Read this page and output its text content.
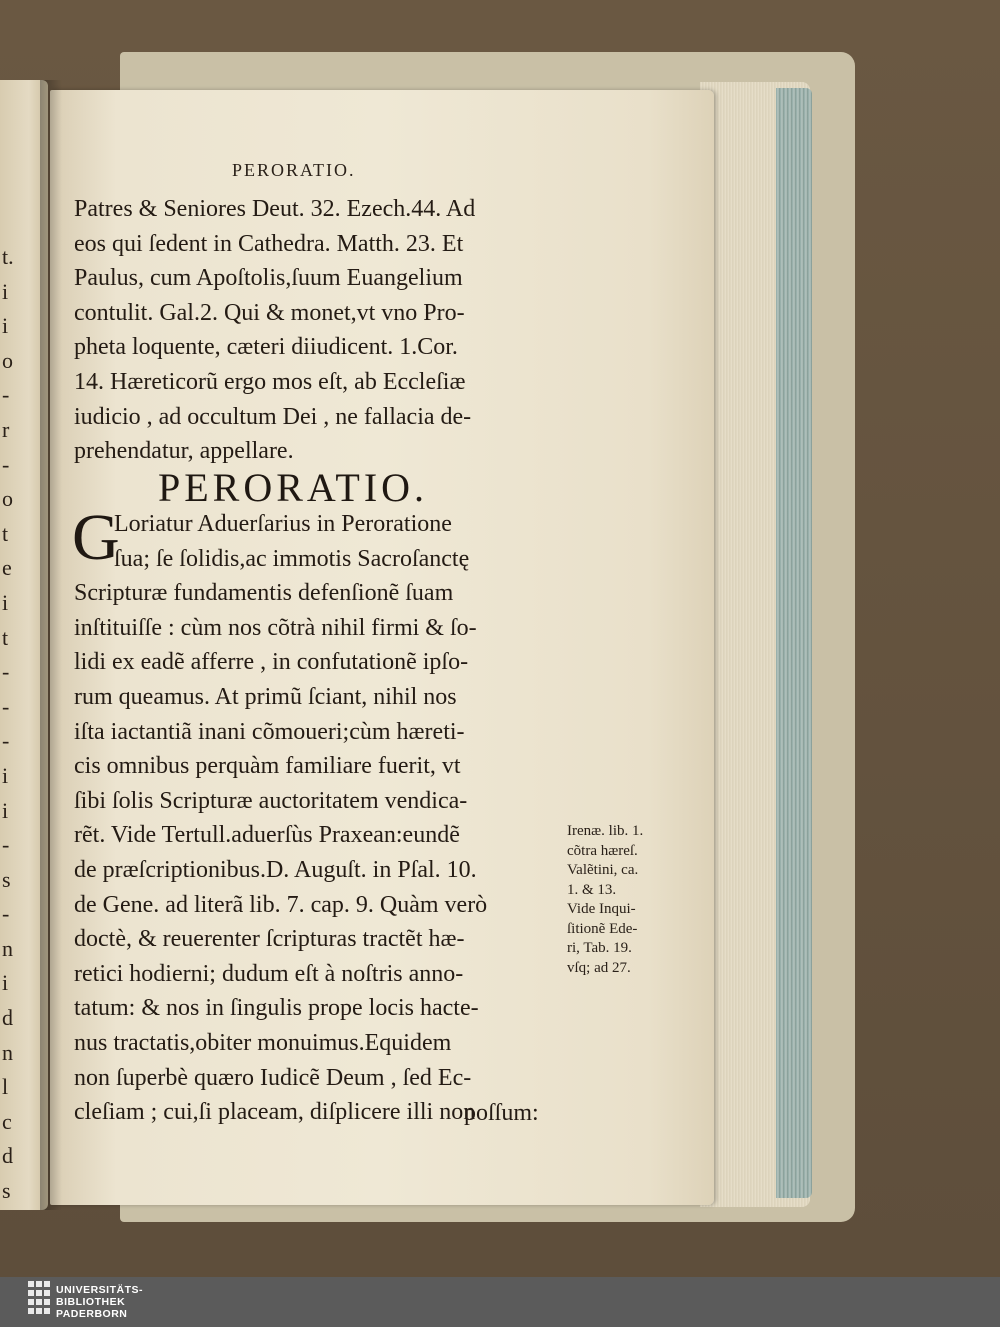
t.
i
i
o
-
r
-
o
t
e
i
t
-
-
-
i
i
-
s
-
n
i
d
n
l
c
d
s
PERORATIO.
Patres & Seniores Deut. 32. Ezech.44. Ad
eos qui ſedent in Cathedra. Matth. 23. Et
Paulus, cum Apoſtolis,ſuum Euangelium
contulit. Gal.2. Qui & monet,vt vno Pro-
pheta loquente, cæteri diiudicent. 1.Cor.
14. Hæreticorũ ergo mos eſt, ab Eccleſiæ
iudicio , ad occultum Dei , ne fallacia de-
prehendatur, appellare.
PERORATIO.
G
Loriatur Aduerſarius in Peroratione
ſua; ſe ſolidis,ac immotis Sacroſanctę
Scripturæ fundamentis defenſionẽ ſuam
inſtituiſſe : cùm nos cõtrà nihil firmi & ſo-
lidi ex eadẽ afferre , in confutationẽ ipſo-
rum queamus. At primũ ſciant, nihil nos
iſta iactantiã inani cõmoueri;cùm hæreti-
cis omnibus perquàm familiare fuerit, vt
ſibi ſolis Scripturæ auctoritatem vendica-
rẽt. Vide Tertull.aduerſùs Praxean:eundẽ
de præſcriptionibus.D. Auguſt. in Pſal. 10.
de Gene. ad literã lib. 7. cap. 9. Quàm verò
doctè, & reuerenter ſcripturas tractẽt hæ-
retici hodierni; dudum eſt à noſtris anno-
tatum: & nos in ſingulis prope locis hacte-
nus tractatis,obiter monuimus.Equidem
non ſuperbè quæro Iudicẽ Deum , ſed Ec-
cleſiam ; cui,ſi placeam, diſplicere illi non
poſſum:
Irenæ. lib. 1.
cõtra hæreſ.
Valẽtini, ca.
1. & 13.
Vide Inqui-
ſitionẽ Ede-
ri, Tab. 19.
vſq; ad 27.
UNIVERSITÄTS-
BIBLIOTHEK
PADERBORN
